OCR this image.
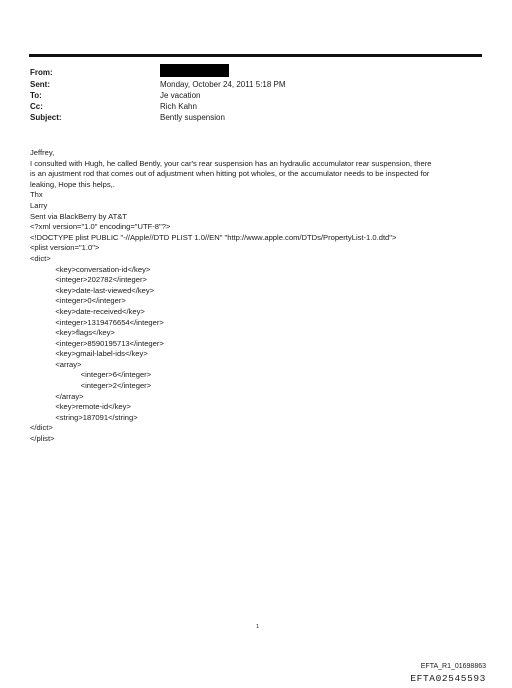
From:
Sent:	Monday, October 24, 2011 5:18 PM
To:	Je vacation
Cc:	Rich Kahn
Subject:	Bently suspension
Jeffrey,
I consulted with Hugh, he called Bently, your car's rear suspension has an hydraulic accumulator rear suspension, there
is an ajustment rod that comes out of adjustment when hitting pot wholes, or the accumulator needs to be inspected for
leaking, Hope this helps,.
Thx
Larry
Sent via BlackBerry by AT&T
<?xml version="1.0" encoding="UTF-8"?>
<!DOCTYPE plist PUBLIC "-//Apple//DTD PLIST 1.0//EN" "http://www.apple.com/DTDs/PropertyList-1.0.dtd">
<plist version="1.0">
<dict>
<key>conversation-id</key>
<integer>202782</integer>
<key>date-last-viewed</key>
<integer>0</integer>
<key>date-received</key>
<integer>1319476654</integer>
<key>flags</key>
<integer>8590195713</integer>
<key>gmail-label-ids</key>
<array>
<integer>6</integer>
<integer>2</integer>
</array>
<key>remote-id</key>
<string>187091</string>
</dict>
</plist>
1
EFTA_R1_01698863
EFTA02545593
